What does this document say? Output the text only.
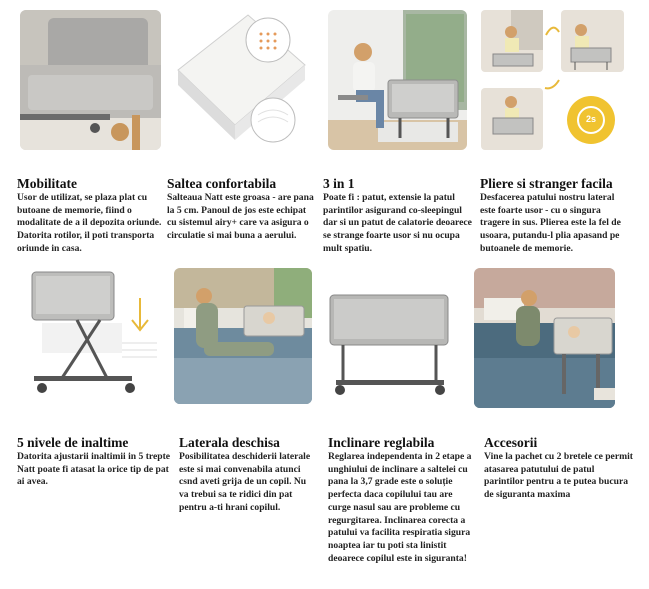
2s
Mobilitate
Usor de utilizat, se plaza plat cu butoane de memorie, fiind o modalitate de a il depozita oriunde. Datorita rotilor, il poti transporta oriunde in casa.
Saltea confortabila
Salteaua Natt este groasa - are pana la 5 cm. Panoul de jos este echipat cu sistemul airy+ care va asigura o circulatie si mai buna a aerului.
3 in 1
Poate fi : patut, extensie la patul parintilor asigurand co-sleepingul dar si un patut de calatorie deoarece se strange foarte usor si nu ocupa mult spatiu.
Pliere si stranger facila
Desfacerea patului nostru lateral este foarte usor - cu o singura tragere in sus. Plierea este la fel de usoara, putandu-l plia apasand pe butoanele de memorie.
5 nivele de inaltime
Datorita ajustarii inaltimii in 5 trepte Natt poate fi atasat la orice tip de pat ai avea.
Laterala deschisa
Posibilitatea deschiderii laterale este si mai convenabila atunci csnd aveti grija de un copil. Nu va trebui sa te ridici din pat pentru a-ti hrani copilul.
Inclinare reglabila
Reglarea independenta in 2 etape a unghiului de inclinare a saltelei cu pana la 3,7 grade este o soluție perfecta daca copilului tau are curge nasul sau are probleme cu regurgitarea. Inclinarea corecta a patului va facilita respiratia sigura noaptea iar tu poti sta linistit deoarece copilul este in siguranta!
Accesorii
Vine la pachet cu 2 bretele ce permit atasarea patutului de patul parintilor pentru a te putea bucura de siguranta maxima
